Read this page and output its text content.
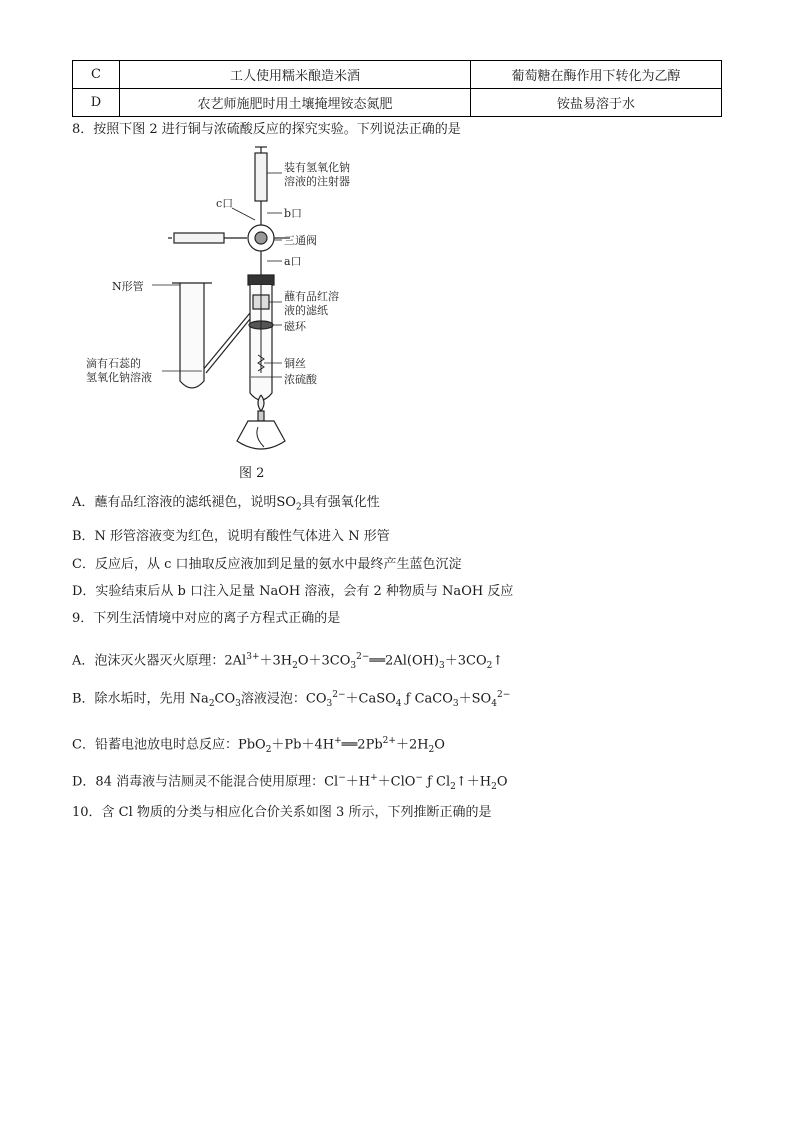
C	工人使用糯米酿造米酒	葡萄糖在酶作用下转化为乙醇
D	农艺师施肥时用土壤掩埋铵态氮肥	铵盐易溶于水
8．按照下图 2 进行铜与浓硫酸反应的探究实验。下列说法正确的是
装有氢氧化钠
溶液的注射器
c口
b口
三通阀
a口
N形管
蘸有品红溶
液的滤纸
磁环
铜丝
浓硫酸
滴有石蕊的
氢氧化钠溶液
图 2
A．蘸有品红溶液的滤纸褪色，说明$SO_2$具有强氧化性
B．N 形管溶液变为红色，说明有酸性气体进入 N 形管
C．反应后，从 c 口抽取反应液加到足量的氨水中最终产生蓝色沉淀
D．实验结束后从 b 口注入足量 NaOH 溶液，会有 2 种物质与 NaOH 反应
9．下列生活情境中对应的离子方程式正确的是
A．泡沫灭火器灭火原理：$2Al^{3+}+3H_2O+3CO_3^{2-}══2Al(OH)_3+3CO_2↑$
B．除水垢时，先用 $Na_2CO_3$溶液浸泡：$CO_3^{2-}+CaSO_4$ ƒ $CaCO_3+SO_4^{2-}$
C．铅蓄电池放电时总反应：$PbO_2+Pb+4H^+══2Pb^{2+}+2H_2O$
D．84 消毒液与洁厕灵不能混合使用原理：Cl−＋H+＋ClO− ƒ $Cl_2↑+H_2O$
10．含 Cl 物质的分类与相应化合价关系如图 3 所示，下列推断正确的是
